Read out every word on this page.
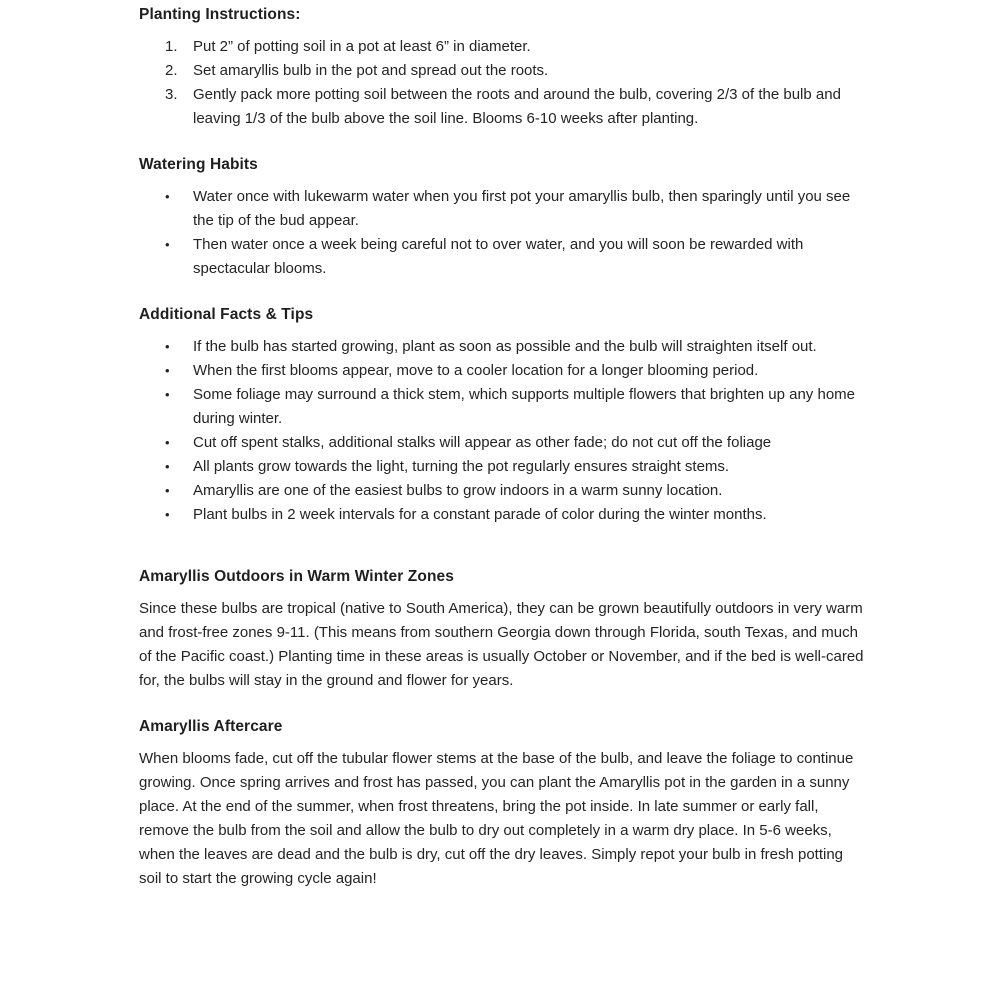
Planting Instructions:
1.	Put 2” of potting soil in a pot at least 6” in diameter.
2.	Set amaryllis bulb in the pot and spread out the roots.
3.	Gently pack more potting soil between the roots and around the bulb, covering 2/3 of the bulb and leaving 1/3 of the bulb above the soil line. Blooms 6-10 weeks after planting.
Watering Habits
•	Water once with lukewarm water when you first pot your amaryllis bulb, then sparingly until you see the tip of the bud appear.
•	Then water once a week being careful not to over water, and you will soon be rewarded with spectacular blooms.
Additional Facts & Tips
•	If the bulb has started growing, plant as soon as possible and the bulb will straighten itself out.
•	When the first blooms appear, move to a cooler location for a longer blooming period.
•	Some foliage may surround a thick stem, which supports multiple flowers that brighten up any home during winter.
•	Cut off spent stalks, additional stalks will appear as other fade; do not cut off the foliage
•	All plants grow towards the light, turning the pot regularly ensures straight stems.
•	Amaryllis are one of the easiest bulbs to grow indoors in a warm sunny location.
•	Plant bulbs in 2 week intervals for a constant parade of color during the winter months.
Amaryllis Outdoors in Warm Winter Zones

Since these bulbs are tropical (native to South America), they can be grown beautifully outdoors in very warm and frost-free zones 9-11. (This means from southern Georgia down through Florida, south Texas, and much of the Pacific coast.) Planting time in these areas is usually October or November, and if the bed is well-cared for, the bulbs will stay in the ground and flower for years.

Amaryllis Aftercare

When blooms fade, cut off the tubular flower stems at the base of the bulb, and leave the foliage to continue growing. Once spring arrives and frost has passed, you can plant the Amaryllis pot in the garden in a sunny place. At the end of the summer, when frost threatens, bring the pot inside. In late summer or early fall, remove the bulb from the soil and allow the bulb to dry out completely in a warm dry place. In 5-6 weeks, when the leaves are dead and the bulb is dry, cut off the dry leaves. Simply repot your bulb in fresh potting soil to start the growing cycle again!
